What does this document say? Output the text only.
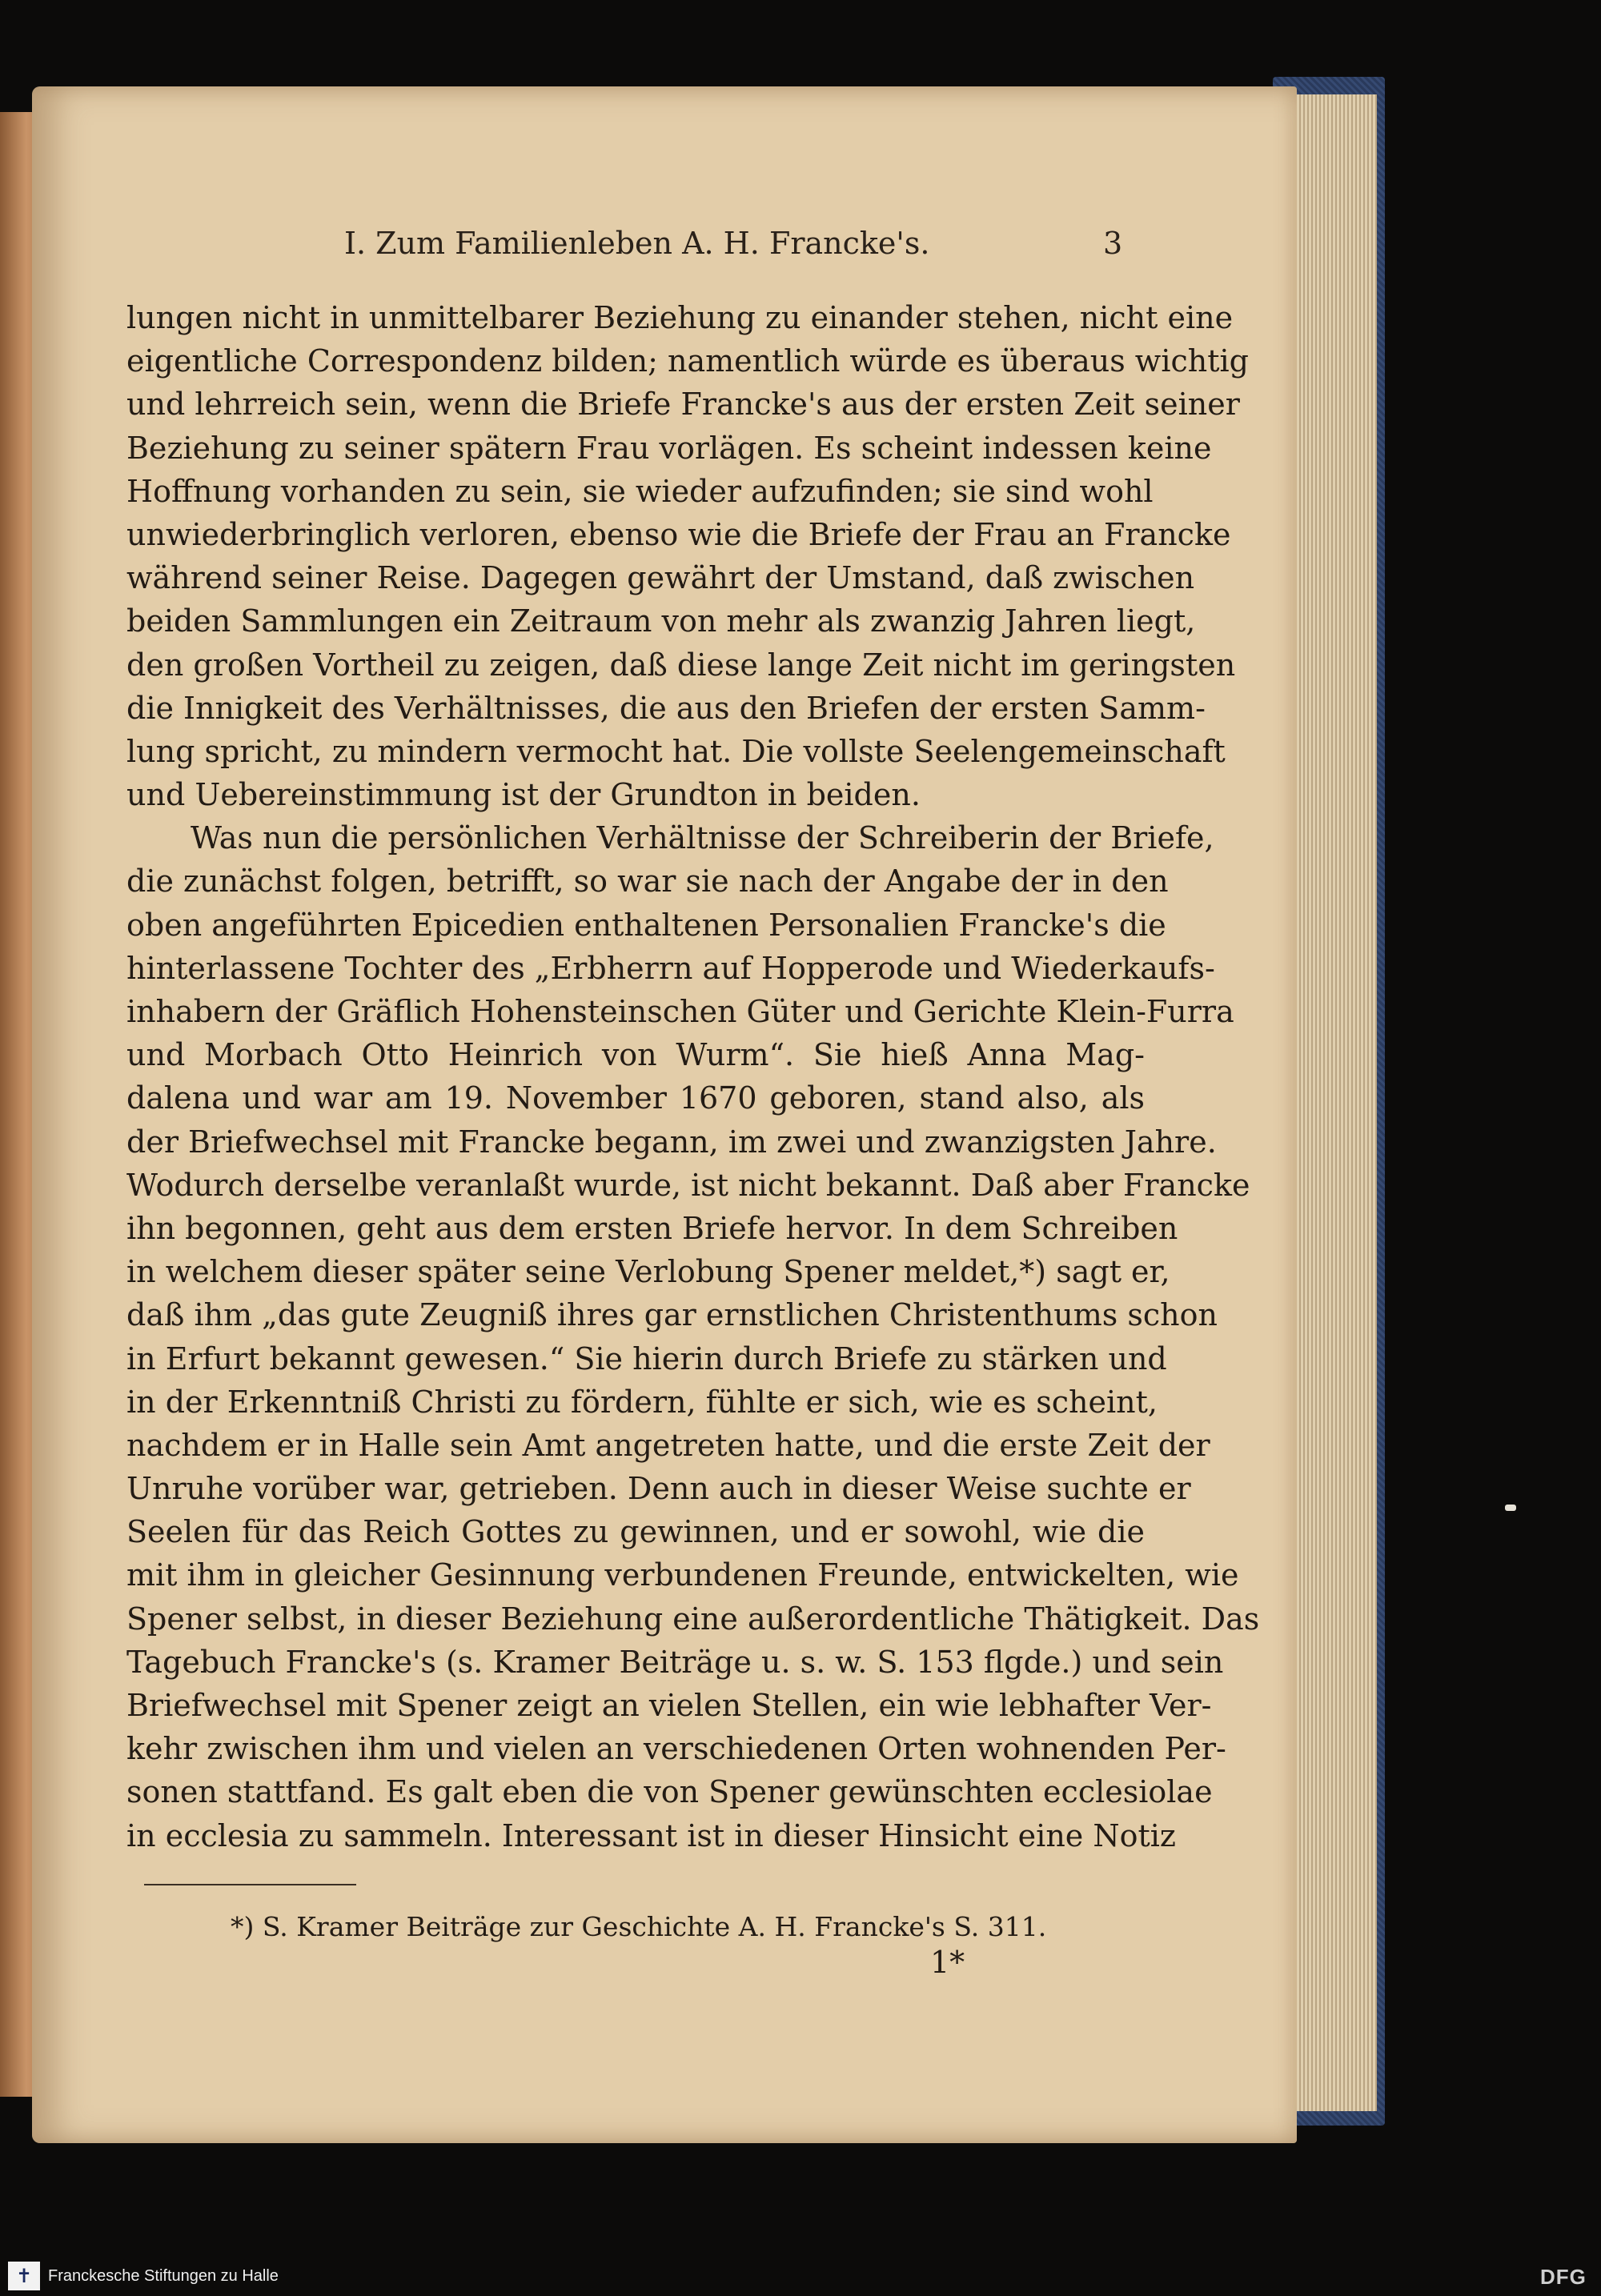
I. Zum Familienleben A. H. Francke's.	3
lungen nicht in unmittelbarer Beziehung zu einander stehen, nicht eine
eigentliche Correspondenz bilden; namentlich würde es überaus wichtig
und lehrreich sein, wenn die Briefe Francke's aus der ersten Zeit seiner
Beziehung zu seiner spätern Frau vorlägen. Es scheint indessen keine
Hoffnung vorhanden zu sein, sie wieder aufzufinden; sie sind wohl
unwiederbringlich verloren, ebenso wie die Briefe der Frau an Francke
während seiner Reise. Dagegen gewährt der Umstand, daß zwischen
beiden Sammlungen ein Zeitraum von mehr als zwanzig Jahren liegt,
den großen Vortheil zu zeigen, daß diese lange Zeit nicht im geringsten
die Innigkeit des Verhältnisses, die aus den Briefen der ersten Samm-
lung spricht, zu mindern vermocht hat. Die vollste Seelengemeinschaft
und Uebereinstimmung ist der Grundton in beiden.
Was nun die persönlichen Verhältnisse der Schreiberin der Briefe,
die zunächst folgen, betrifft, so war sie nach der Angabe der in den
oben angeführten Epicedien enthaltenen Personalien Francke's die
hinterlassene Tochter des „Erbherrn auf Hopperode und Wiederkaufs-
inhabern der Gräflich Hohensteinschen Güter und Gerichte Klein-Furra
und Morbach Otto Heinrich von Wurm“. Sie hieß Anna Mag-
dalena und war am 19. November 1670 geboren, stand also, als
der Briefwechsel mit Francke begann, im zwei und zwanzigsten Jahre.
Wodurch derselbe veranlaßt wurde, ist nicht bekannt. Daß aber Francke
ihn begonnen, geht aus dem ersten Briefe hervor. In dem Schreiben
in welchem dieser später seine Verlobung Spener meldet,*) sagt er,
daß ihm „das gute Zeugniß ihres gar ernstlichen Christenthums schon
in Erfurt bekannt gewesen.“ Sie hierin durch Briefe zu stärken und
in der Erkenntniß Christi zu fördern, fühlte er sich, wie es scheint,
nachdem er in Halle sein Amt angetreten hatte, und die erste Zeit der
Unruhe vorüber war, getrieben. Denn auch in dieser Weise suchte er
Seelen für das Reich Gottes zu gewinnen, und er sowohl, wie die
mit ihm in gleicher Gesinnung verbundenen Freunde, entwickelten, wie
Spener selbst, in dieser Beziehung eine außerordentliche Thätigkeit. Das
Tagebuch Francke's (s. Kramer Beiträge u. s. w. S. 153 flgde.) und sein
Briefwechsel mit Spener zeigt an vielen Stellen, ein wie lebhafter Ver-
kehr zwischen ihm und vielen an verschiedenen Orten wohnenden Per-
sonen stattfand. Es galt eben die von Spener gewünschten ecclesiolae
in ecclesia zu sammeln. Interessant ist in dieser Hinsicht eine Notiz
*) S. Kramer Beiträge zur Geschichte A. H. Francke's S. 311.
1*
✝ Franckesche Stiftungen zu Halle	DFG
